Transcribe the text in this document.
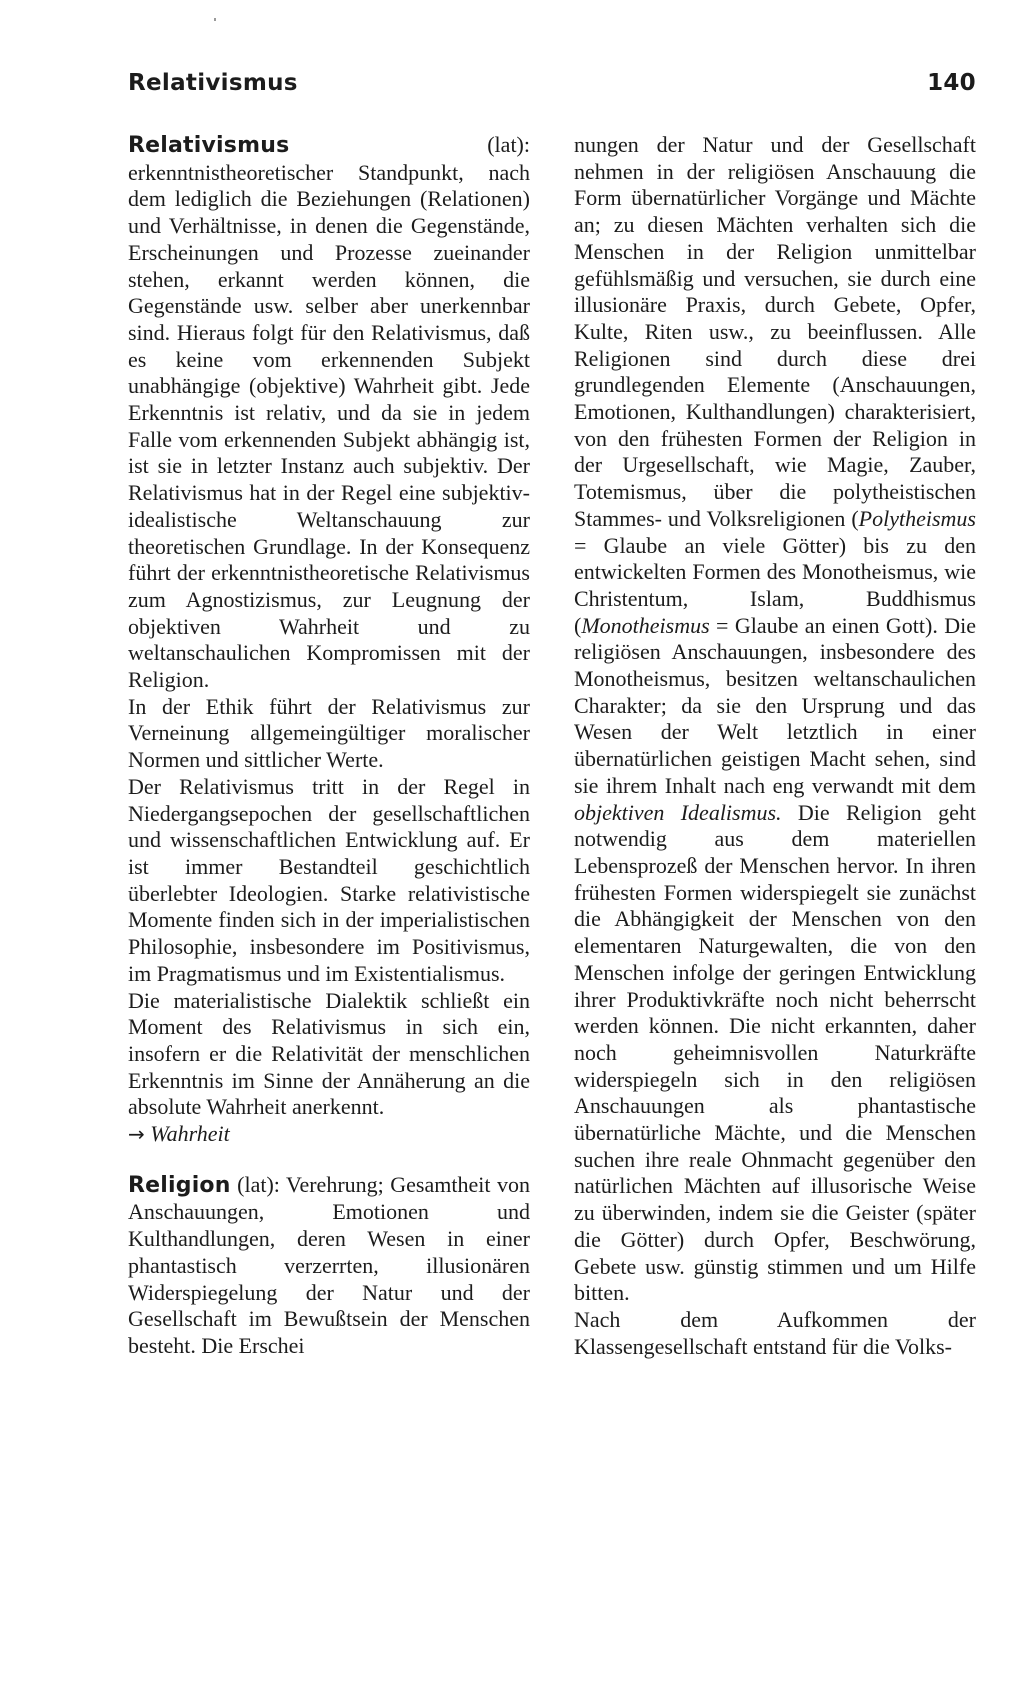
Relativismus	140

Relativismus (lat): erkenntnistheoretischer Standpunkt, nach dem lediglich die Beziehungen (Relationen) und Verhältnisse, in denen die Gegenstände, Erscheinungen und Prozesse zueinander stehen, erkannt werden können, die Gegenstände usw. selber aber unerkennbar sind. Hieraus folgt für den Relativismus, daß es keine vom erkennenden Subjekt unabhängige (objektive) Wahrheit gibt. Jede Erkenntnis ist relativ, und da sie in jedem Falle vom erkennenden Subjekt abhängig ist, ist sie in letzter Instanz auch subjektiv. Der Relativismus hat in der Regel eine subjektiv-idealistische Weltanschauung zur theoretischen Grundlage. In der Konsequenz führt der erkenntnistheoretische Relativismus zum Agnostizismus, zur Leugnung der objektiven Wahrheit und zu weltanschaulichen Kompromissen mit der Religion.

In der Ethik führt der Relativismus zur Verneinung allgemeingültiger moralischer Normen und sittlicher Werte.

Der Relativismus tritt in der Regel in Niedergangsepochen der gesellschaftlichen und wissenschaftlichen Entwicklung auf. Er ist immer Bestandteil geschichtlich überlebter Ideologien. Starke relativistische Momente finden sich in der imperialistischen Philosophie, insbesondere im Positivismus, im Pragmatismus und im Existentialismus.

Die materialistische Dialektik schließt ein Moment des Relativismus in sich ein, insofern er die Relativität der menschlichen Erkenntnis im Sinne der Annäherung an die absolute Wahrheit anerkennt.

→ Wahrheit

Religion (lat): Verehrung; Gesamtheit von Anschauungen, Emotionen und Kulthandlungen, deren Wesen in einer phantastisch verzerrten, illusionären Widerspiegelung der Natur und der Gesellschaft im Bewußtsein der Menschen besteht. Die Erschei

nungen der Natur und der Gesellschaft nehmen in der religiösen Anschauung die Form übernatürlicher Vorgänge und Mächte an; zu diesen Mächten verhalten sich die Menschen in der Religion unmittelbar gefühlsmäßig und versuchen, sie durch eine illusionäre Praxis, durch Gebete, Opfer, Kulte, Riten usw., zu beeinflussen. Alle Religionen sind durch diese drei grundlegenden Elemente (Anschauungen, Emotionen, Kulthandlungen) charakterisiert, von den frühesten Formen der Religion in der Urgesellschaft, wie Magie, Zauber, Totemismus, über die polytheistischen Stammes- und Volksreligionen (Polytheismus = Glaube an viele Götter) bis zu den entwickelten Formen des Monotheismus, wie Christentum, Islam, Buddhismus (Monotheismus = Glaube an einen Gott). Die religiösen Anschauungen, insbesondere des Monotheismus, besitzen weltanschaulichen Charakter; da sie den Ursprung und das Wesen der Welt letztlich in einer übernatürlichen geistigen Macht sehen, sind sie ihrem Inhalt nach eng verwandt mit dem objektiven Idealismus. Die Religion geht notwendig aus dem materiellen Lebensprozeß der Menschen hervor. In ihren frühesten Formen widerspiegelt sie zunächst die Abhängigkeit der Menschen von den elementaren Naturgewalten, die von den Menschen infolge der geringen Entwicklung ihrer Produktivkräfte noch nicht beherrscht werden können. Die nicht erkannten, daher noch geheimnisvollen Naturkräfte widerspiegeln sich in den religiösen Anschauungen als phantastische übernatürliche Mächte, und die Menschen suchen ihre reale Ohnmacht gegenüber den natürlichen Mächten auf illusorische Weise zu überwinden, indem sie die Geister (später die Götter) durch Opfer, Beschwörung, Gebete usw. günstig stimmen und um Hilfe bitten.

Nach dem Aufkommen der Klassengesellschaft entstand für die Volks-
